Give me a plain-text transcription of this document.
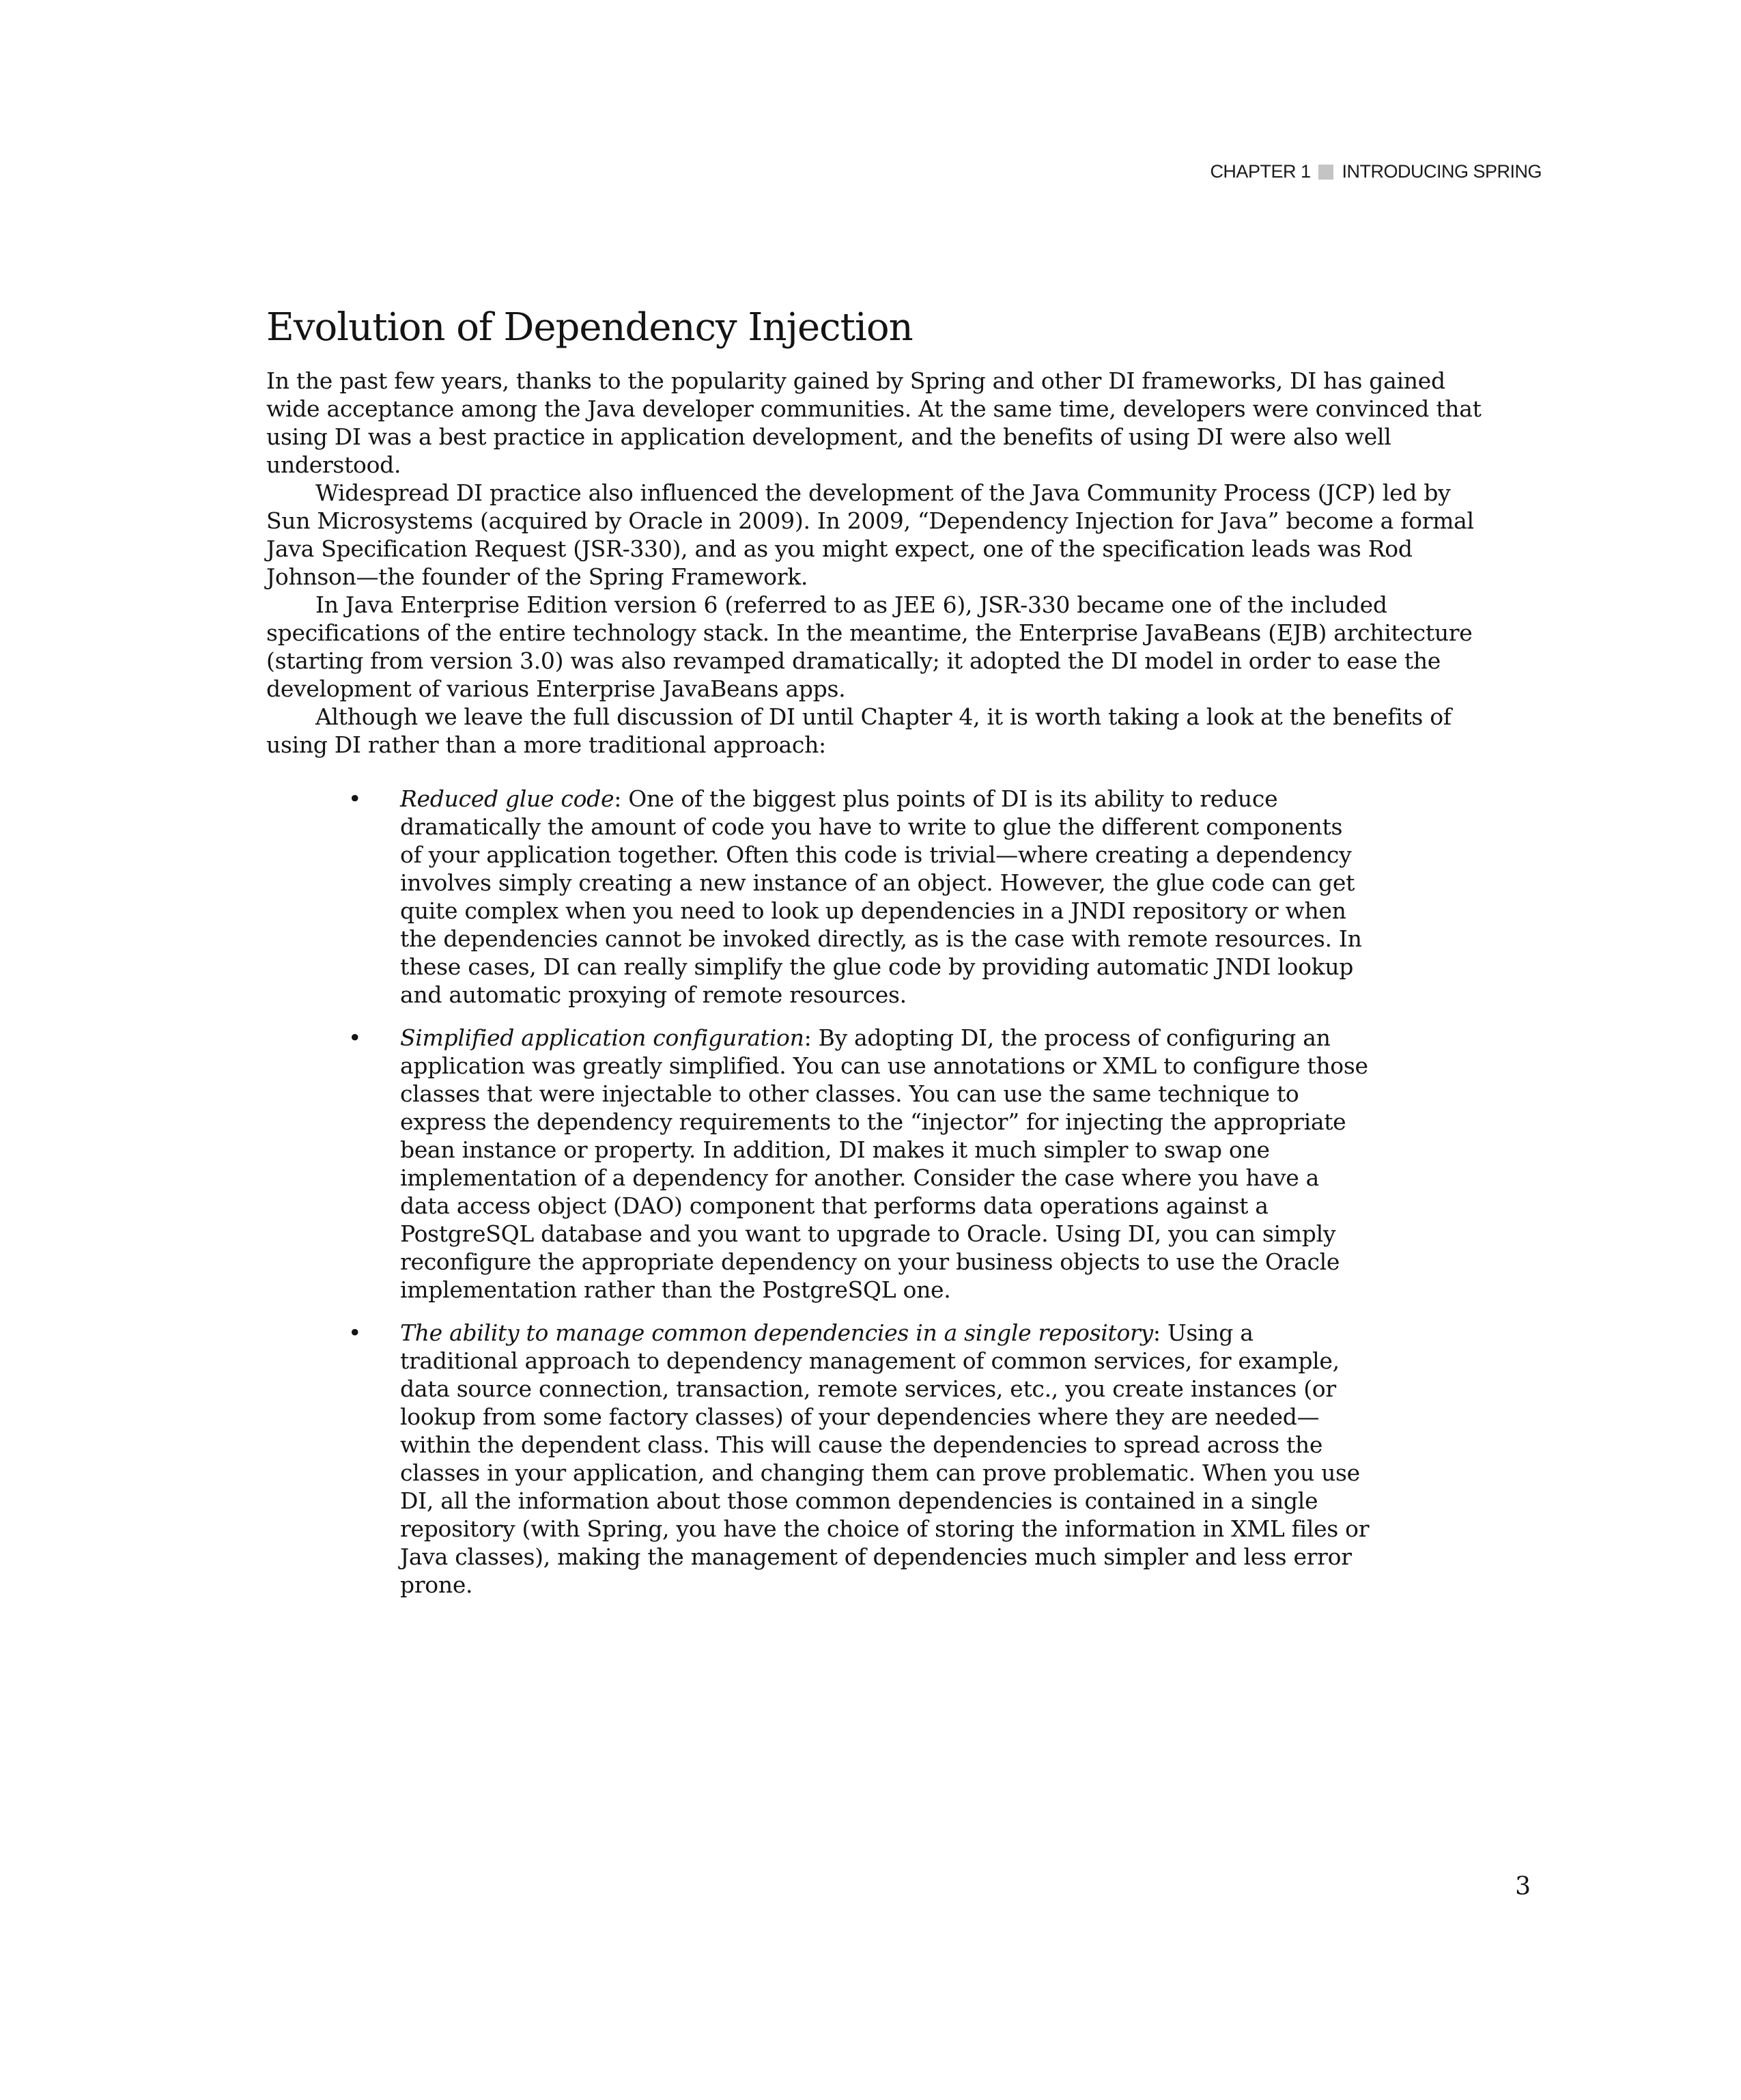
CHAPTER 1 INTRODUCING SPRING
Evolution of Dependency Injection

In the past few years, thanks to the popularity gained by Spring and other DI frameworks, DI has gained wide acceptance among the Java developer communities. At the same time, developers were convinced that using DI was a best practice in application development, and the benefits of using DI were also well understood.

Widespread DI practice also influenced the development of the Java Community Process (JCP) led by Sun Microsystems (acquired by Oracle in 2009). In 2009, “Dependency Injection for Java” become a formal Java Specification Request (JSR-330), and as you might expect, one of the specification leads was Rod Johnson—the founder of the Spring Framework.

In Java Enterprise Edition version 6 (referred to as JEE 6), JSR-330 became one of the included specifications of the entire technology stack. In the meantime, the Enterprise JavaBeans (EJB) architecture (starting from version 3.0) was also revamped dramatically; it adopted the DI model in order to ease the development of various Enterprise JavaBeans apps.

Although we leave the full discussion of DI until Chapter 4, it is worth taking a look at the benefits of using DI rather than a more traditional approach:

• Reduced glue code: One of the biggest plus points of DI is its ability to reduce dramatically the amount of code you have to write to glue the different components of your application together. Often this code is trivial—where creating a dependency involves simply creating a new instance of an object. However, the glue code can get quite complex when you need to look up dependencies in a JNDI repository or when the dependencies cannot be invoked directly, as is the case with remote resources. In these cases, DI can really simplify the glue code by providing automatic JNDI lookup and automatic proxying of remote resources.
• Simplified application configuration: By adopting DI, the process of configuring an application was greatly simplified. You can use annotations or XML to configure those classes that were injectable to other classes. You can use the same technique to express the dependency requirements to the “injector” for injecting the appropriate bean instance or property. In addition, DI makes it much simpler to swap one implementation of a dependency for another. Consider the case where you have a data access object (DAO) component that performs data operations against a PostgreSQL database and you want to upgrade to Oracle. Using DI, you can simply reconfigure the appropriate dependency on your business objects to use the Oracle implementation rather than the PostgreSQL one.
• The ability to manage common dependencies in a single repository: Using a traditional approach to dependency management of common services, for example, data source connection, transaction, remote services, etc., you create instances (or lookup from some factory classes) of your dependencies where they are needed—within the dependent class. This will cause the dependencies to spread across the classes in your application, and changing them can prove problematic. When you use DI, all the information about those common dependencies is contained in a single repository (with Spring, you have the choice of storing the information in XML files or Java classes), making the management of dependencies much simpler and less error prone.
3
